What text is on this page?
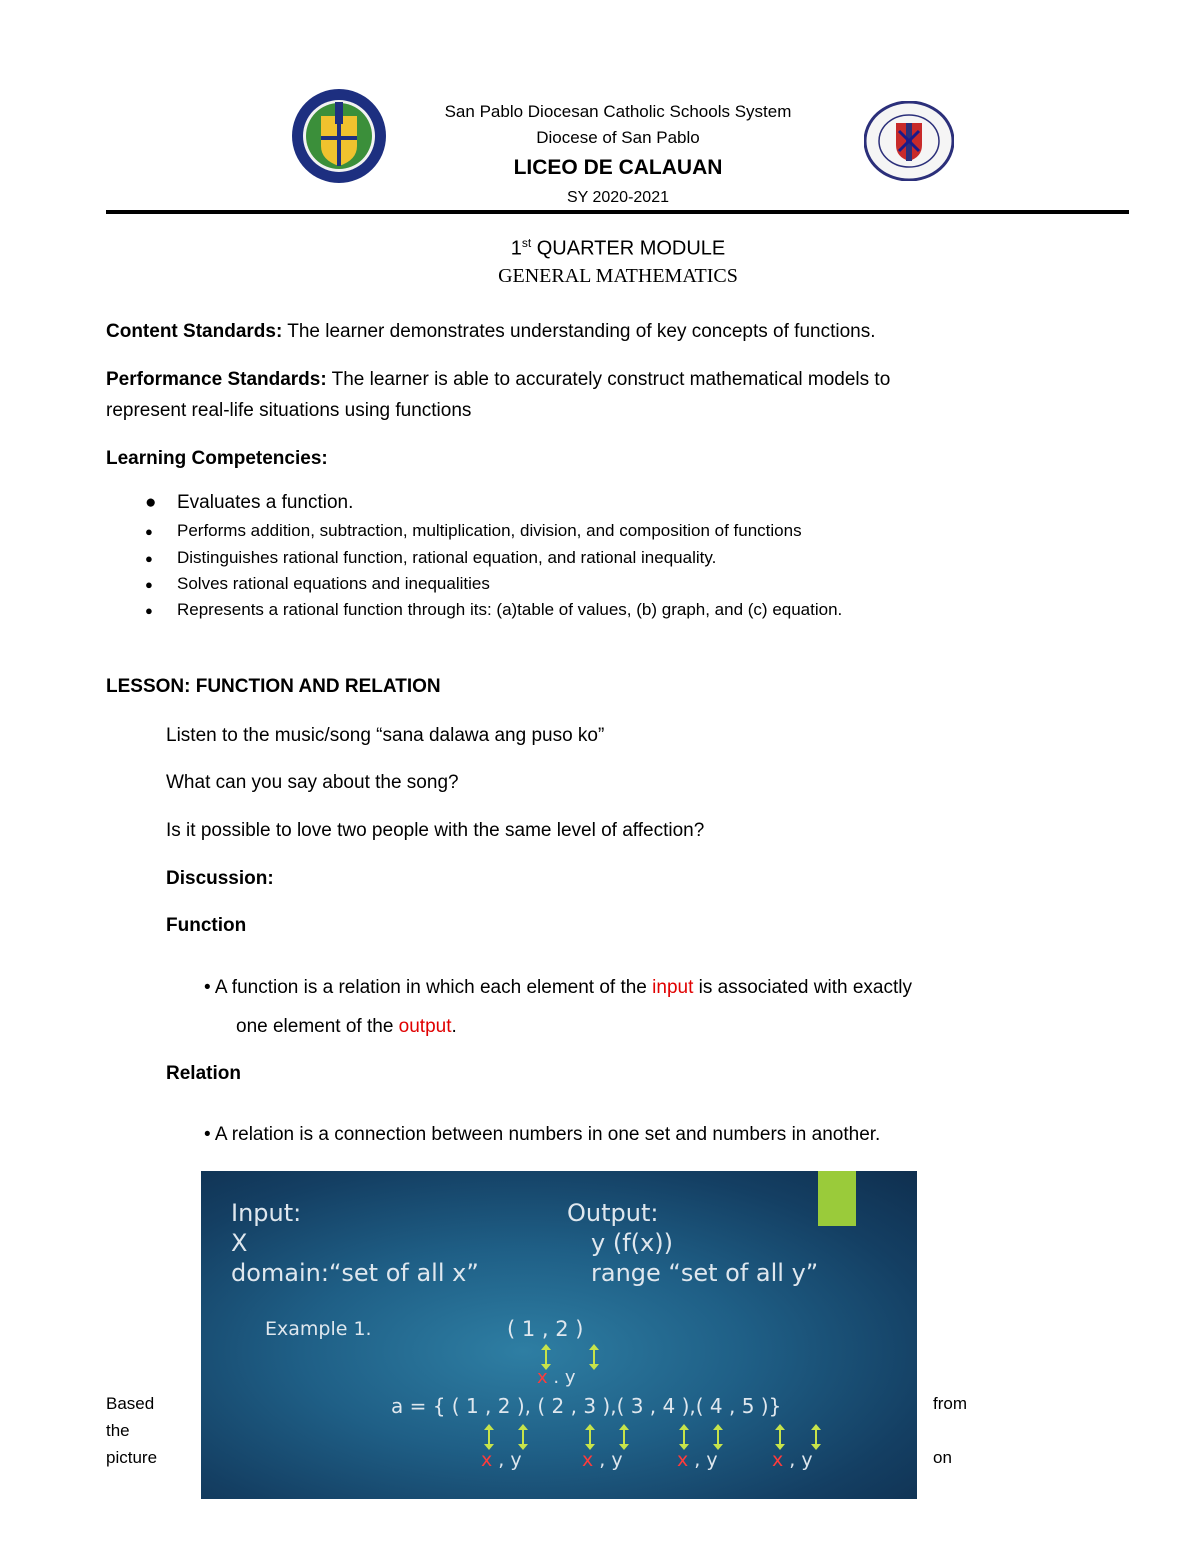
San Pablo Diocesan Catholic Schools System
Diocese of San Pablo
LICEO DE CALAUAN
SY 2020-2021
1st QUARTER MODULE
GENERAL MATHEMATICS
Content Standards: The learner demonstrates understanding of key concepts of functions.
Performance Standards: The learner is able to accurately construct mathematical models to
represent real-life situations using functions
Learning Competencies:
● Evaluates a function.
● Performs addition, subtraction, multiplication, division, and composition of functions
● Distinguishes rational function, rational equation, and rational inequality.
● Solves rational equations and inequalities
● Represents a rational function through its: (a)table of values, (b) graph, and (c) equation.
LESSON: FUNCTION AND RELATION
Listen to the music/song “sana dalawa ang puso ko”
What can you say about the song?
Is it possible to love two people with the same level of affection?
Discussion:
Function
• A function is a relation in which each element of the input is associated with exactly
one element of the output.
Relation
• A relation is a connection between numbers in one set and numbers in another.
Input:
X
domain:“set of all x”
Output:
y (f(x))
range “set of all y”
Example 1.	( 1 , 2 )
x . y
a = { ( 1 , 2 ), ( 2 , 3 ),( 3 , 4 ),( 4 , 5 )}
x , y	x , y	x , y	x , y
Based
the
picture
from
on
